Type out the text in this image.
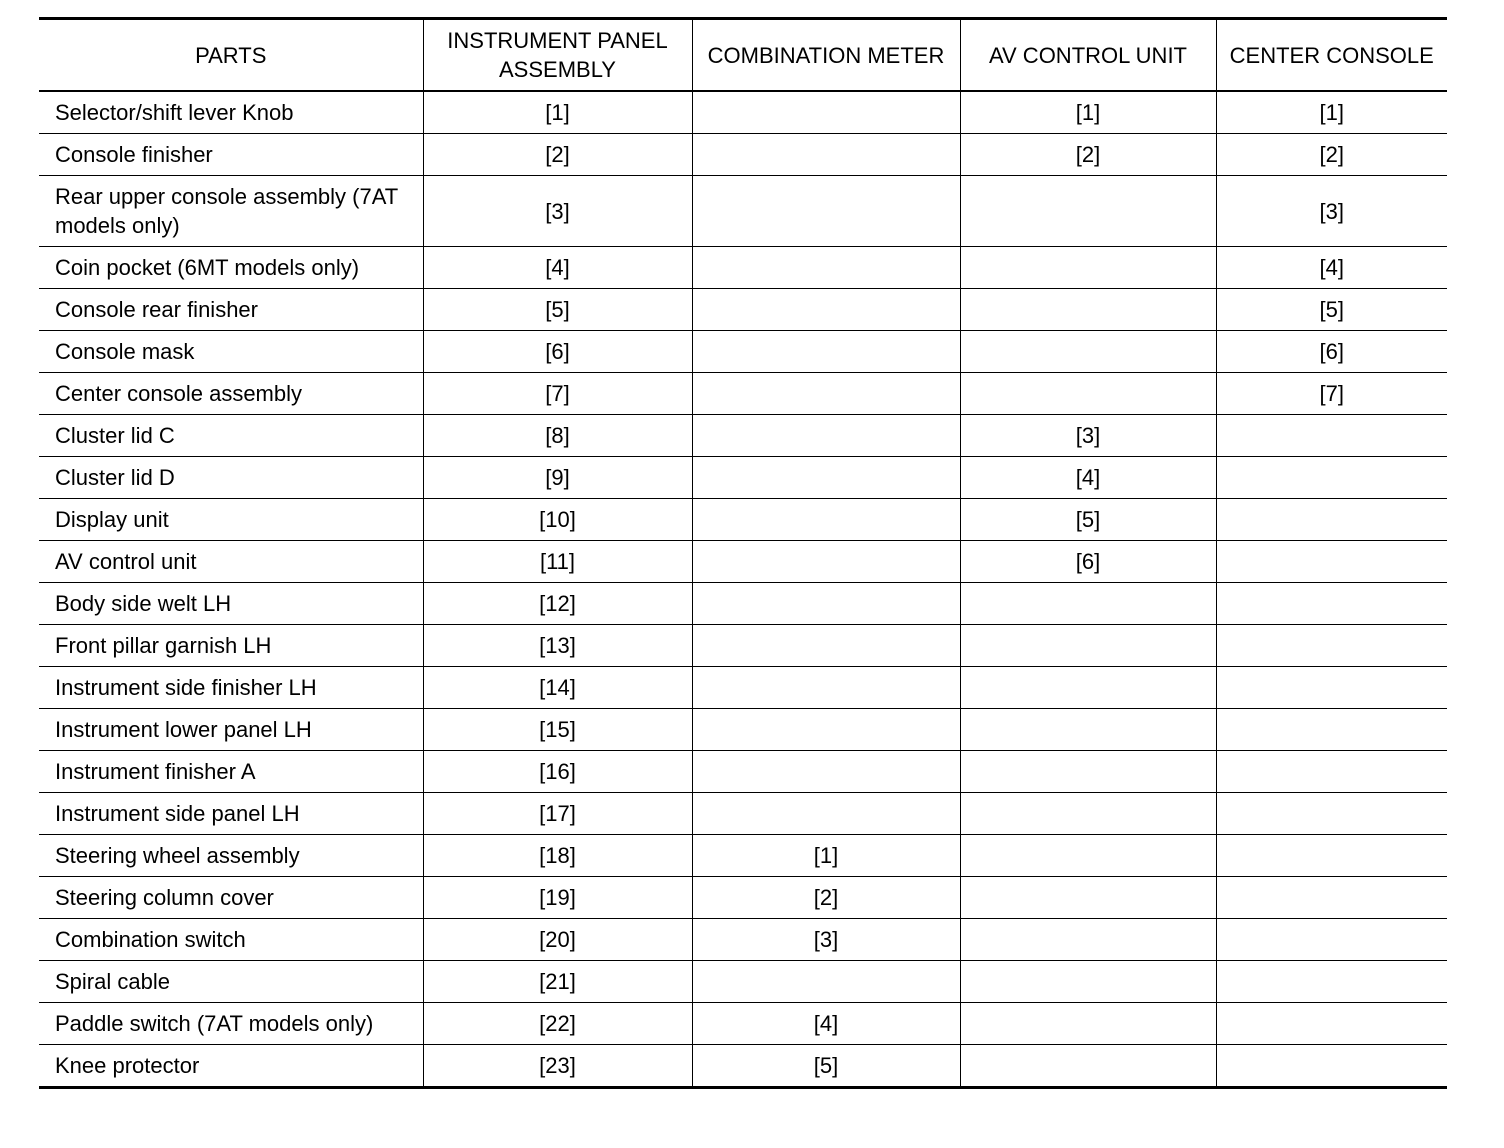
PARTS	INSTRUMENT PANEL ASSEMBLY	COMBINATION METER	AV CONTROL UNIT	CENTER CONSOLE
Selector/shift lever Knob	[1]		[1]	[1]
Console finisher	[2]		[2]	[2]
Rear upper console assembly (7AT models only)	[3]			[3]
Coin pocket (6MT models only)	[4]			[4]
Console rear finisher	[5]			[5]
Console mask	[6]			[6]
Center console assembly	[7]			[7]
Cluster lid C	[8]		[3]	
Cluster lid D	[9]		[4]	
Display unit	[10]		[5]	
AV control unit	[11]		[6]	
Body side welt LH	[12]			
Front pillar garnish LH	[13]			
Instrument side finisher LH	[14]			
Instrument lower panel LH	[15]			
Instrument finisher A	[16]			
Instrument side panel LH	[17]			
Steering wheel assembly	[18]	[1]		
Steering column cover	[19]	[2]		
Combination switch	[20]	[3]		
Spiral cable	[21]			
Paddle switch (7AT models only)	[22]	[4]		
Knee protector	[23]	[5]		
